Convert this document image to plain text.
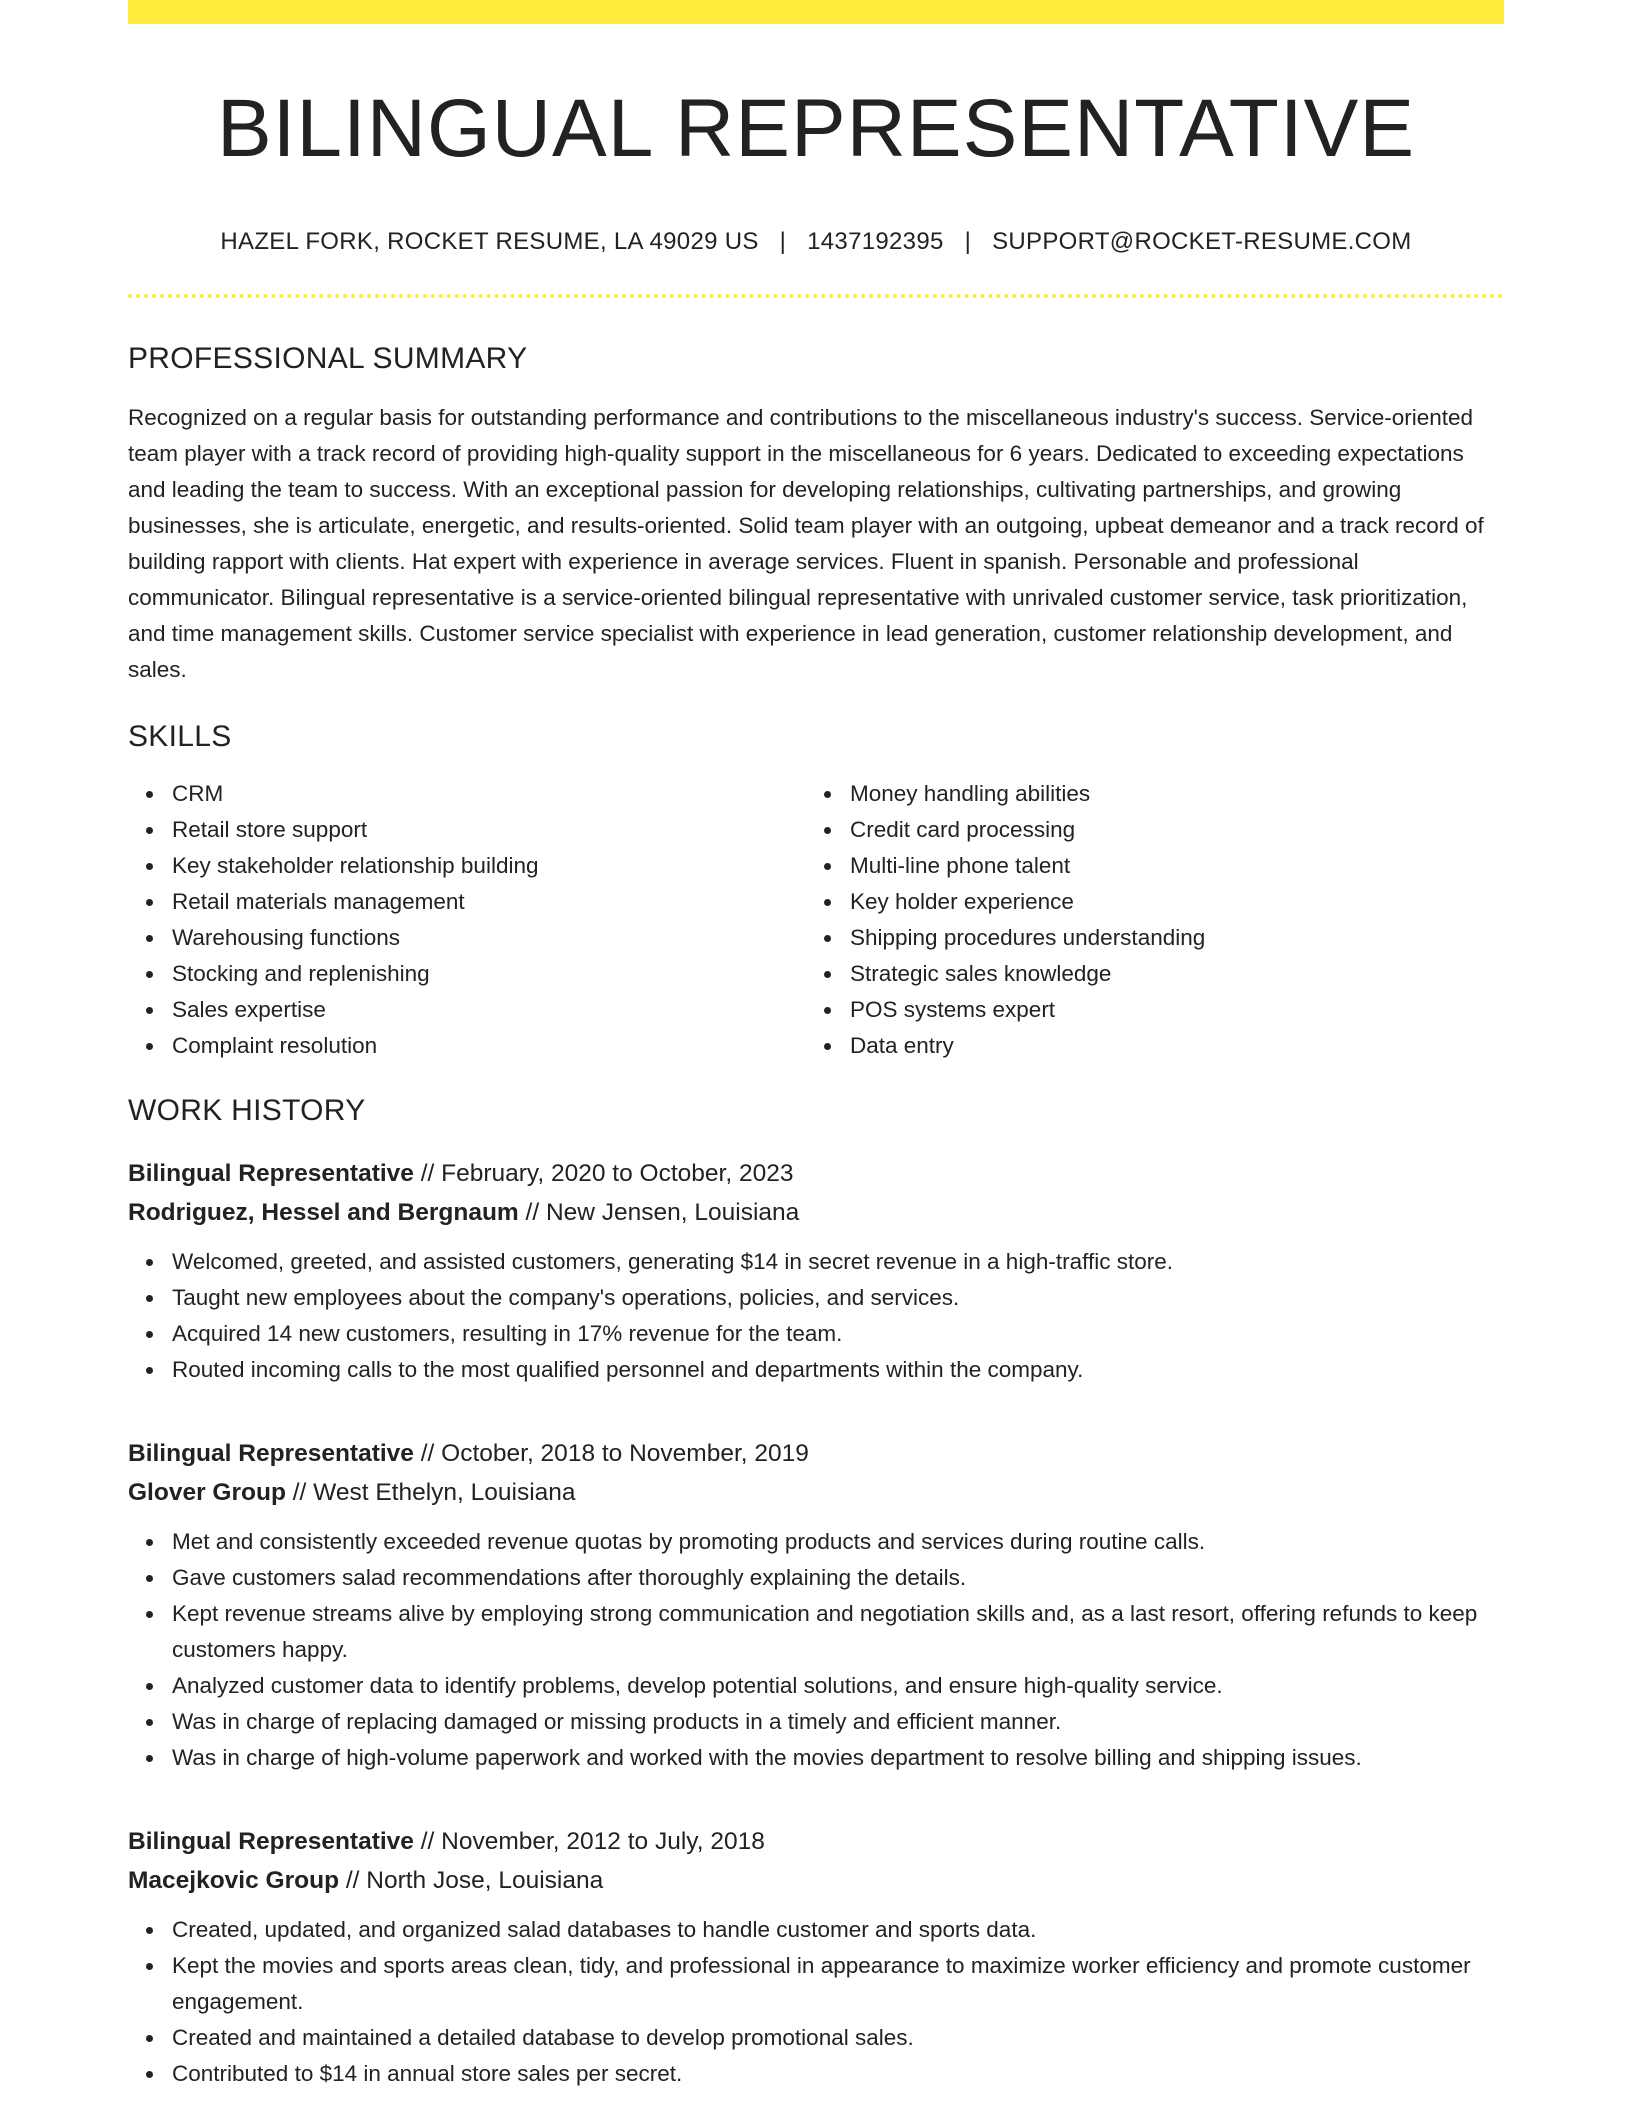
BILINGUAL REPRESENTATIVE
HAZEL FORK, ROCKET RESUME, LA 49029 US | 1437192395 | SUPPORT@ROCKET-RESUME.COM
PROFESSIONAL SUMMARY

Recognized on a regular basis for outstanding performance and contributions to the miscellaneous industry's success. Service-oriented team player with a track record of providing high-quality support in the miscellaneous for 6 years. Dedicated to exceeding expectations and leading the team to success. With an exceptional passion for developing relationships, cultivating partnerships, and growing businesses, she is articulate, energetic, and results-oriented. Solid team player with an outgoing, upbeat demeanor and a track record of building rapport with clients. Hat expert with experience in average services. Fluent in spanish. Personable and professional communicator. Bilingual representative is a service-oriented bilingual representative with unrivaled customer service, task prioritization, and time management skills. Customer service specialist with experience in lead generation, customer relationship development, and sales.

SKILLS
CRM
Retail store support
Key stakeholder relationship building
Retail materials management
Warehousing functions
Stocking and replenishing
Sales expertise
Complaint resolution
Money handling abilities
Credit card processing
Multi-line phone talent
Key holder experience
Shipping procedures understanding
Strategic sales knowledge
POS systems expert
Data entry
WORK HISTORY
Bilingual Representative // February, 2020 to October, 2023
Rodriguez, Hessel and Bergnaum // New Jensen, Louisiana
Welcomed, greeted, and assisted customers, generating $14 in secret revenue in a high-traffic store.
Taught new employees about the company's operations, policies, and services.
Acquired 14 new customers, resulting in 17% revenue for the team.
Routed incoming calls to the most qualified personnel and departments within the company.
Bilingual Representative // October, 2018 to November, 2019
Glover Group // West Ethelyn, Louisiana
Met and consistently exceeded revenue quotas by promoting products and services during routine calls.
Gave customers salad recommendations after thoroughly explaining the details.
Kept revenue streams alive by employing strong communication and negotiation skills and, as a last resort, offering refunds to keep customers happy.
Analyzed customer data to identify problems, develop potential solutions, and ensure high-quality service.
Was in charge of replacing damaged or missing products in a timely and efficient manner.
Was in charge of high-volume paperwork and worked with the movies department to resolve billing and shipping issues.
Bilingual Representative // November, 2012 to July, 2018
Macejkovic Group // North Jose, Louisiana
Created, updated, and organized salad databases to handle customer and sports data.
Kept the movies and sports areas clean, tidy, and professional in appearance to maximize worker efficiency and promote customer engagement.
Created and maintained a detailed database to develop promotional sales.
Contributed to $14 in annual store sales per secret.
